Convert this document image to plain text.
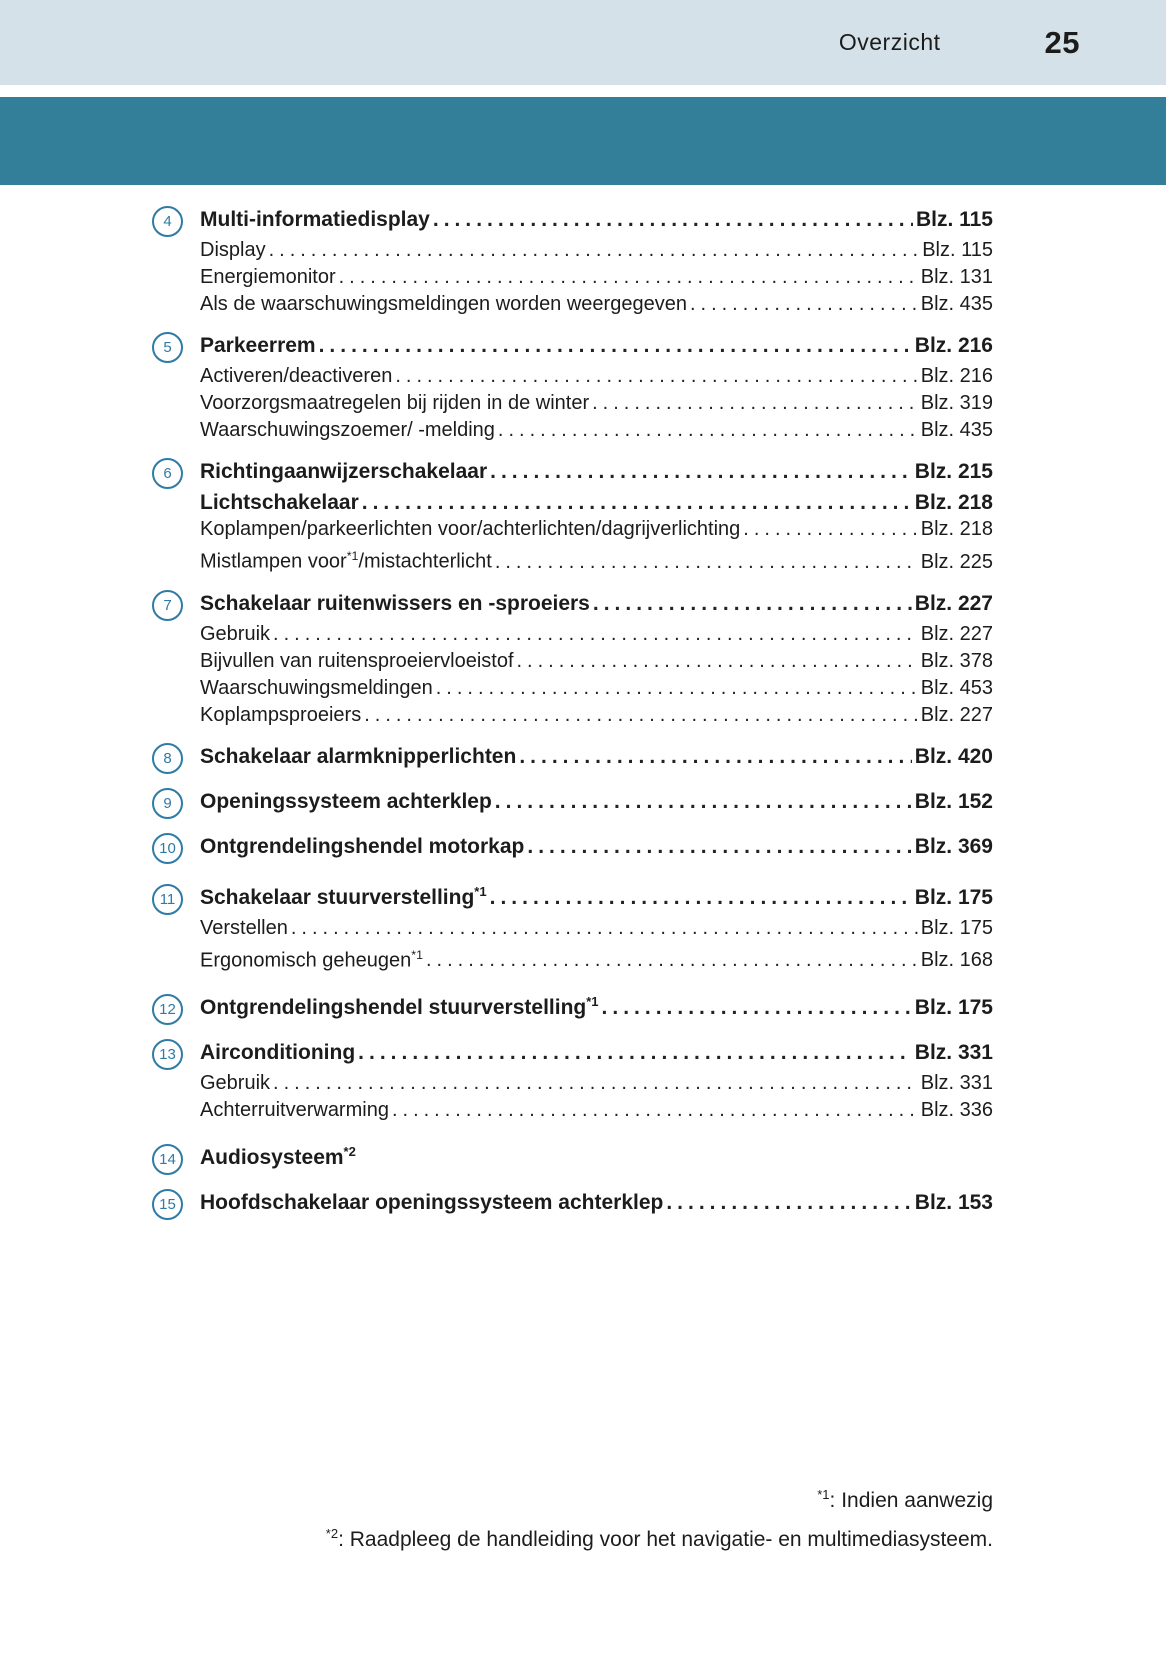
Overzicht	25
4	Multi-informatiedisplay .....	Blz. 115
Display .....	Blz. 115
Energiemonitor .....	Blz. 131
Als de waarschuwingsmeldingen worden weergegeven .....	Blz. 435
5	Parkeerrem .....	Blz. 216
Activeren/deactiveren .....	Blz. 216
Voorzorgsmaatregelen bij rijden in de winter .....	Blz. 319
Waarschuwingszoemer/ -melding .....	Blz. 435
6	Richtingaanwijzerschakelaar .....	Blz. 215
Lichtschakelaar .....	Blz. 218
Koplampen/parkeerlichten voor/achterlichten/dagrijverlichting .....	Blz. 218
Mistlampen voor$^{*1}$/mistachterlicht .....	Blz. 225
7	Schakelaar ruitenwissers en -sproeiers .....	Blz. 227
Gebruik .....	Blz. 227
Bijvullen van ruitensproeiervloeistof .....	Blz. 378
Waarschuwingsmeldingen .....	Blz. 453
Koplampsproeiers .....	Blz. 227
8	Schakelaar alarmknipperlichten .....	Blz. 420
9	Openingssysteem achterklep .....	Blz. 152
10	Ontgrendelingshendel motorkap .....	Blz. 369
11	Schakelaar stuurverstelling$^{*1}$ .....	Blz. 175
Verstellen .....	Blz. 175
Ergonomisch geheugen$^{*1}$ .....	Blz. 168
12	Ontgrendelingshendel stuurverstelling$^{*1}$ .....	Blz. 175
13	Airconditioning .....	Blz. 331
Gebruik .....	Blz. 331
Achterruitverwarming .....	Blz. 336
14	Audiosysteem$^{*2}$
15	Hoofdschakelaar openingssysteem achterklep .....	Blz. 153
$^{*1}$: Indien aanwezig
$^{*2}$: Raadpleeg de handleiding voor het navigatie- en multimediasysteem.
